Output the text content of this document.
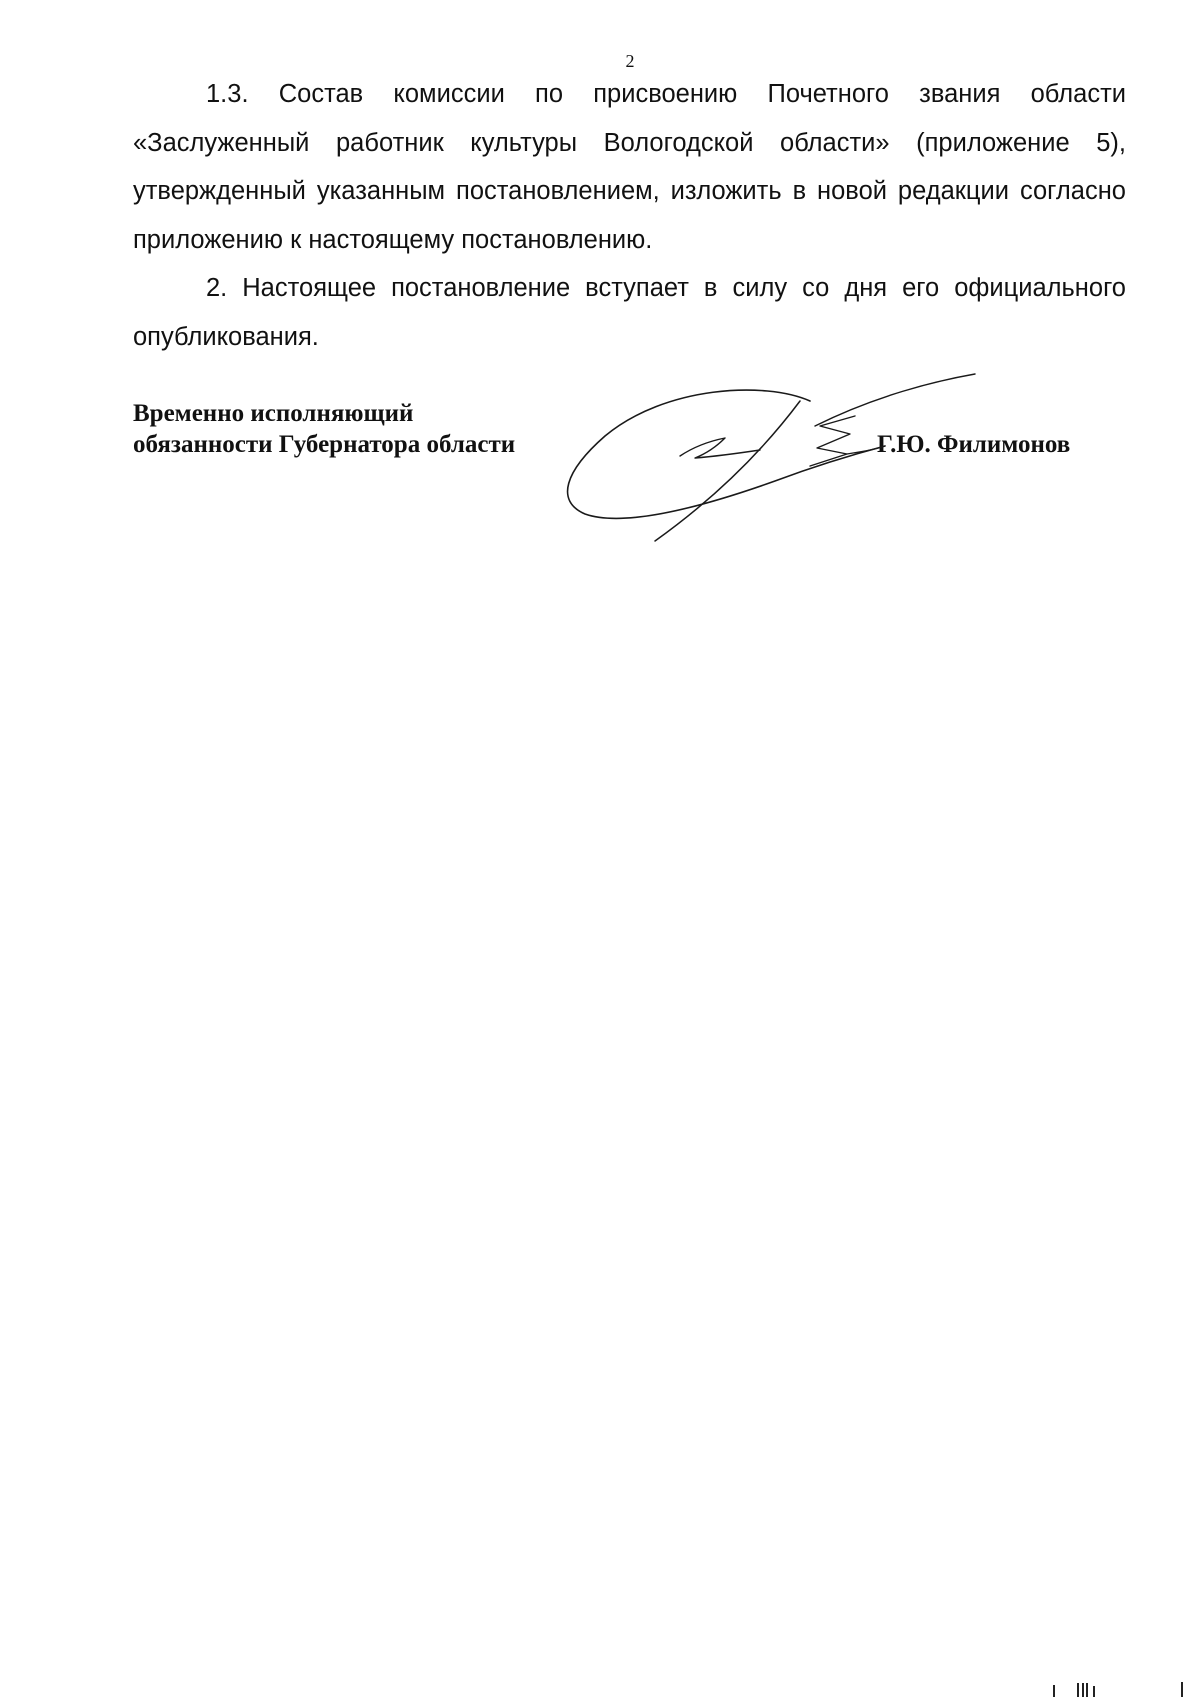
2

1.3. Состав комиссии по присвоению Почетного звания области «Заслуженный работник культуры Вологодской области» (приложение 5), утвержденный указанным постановлением, изложить в новой редакции согласно приложению к настоящему постановлению.

2. Настоящее постановление вступает в силу со дня его официального опубликования.

Временно исполняющий
обязанности Губернатора области	Г.Ю. Филимонов
